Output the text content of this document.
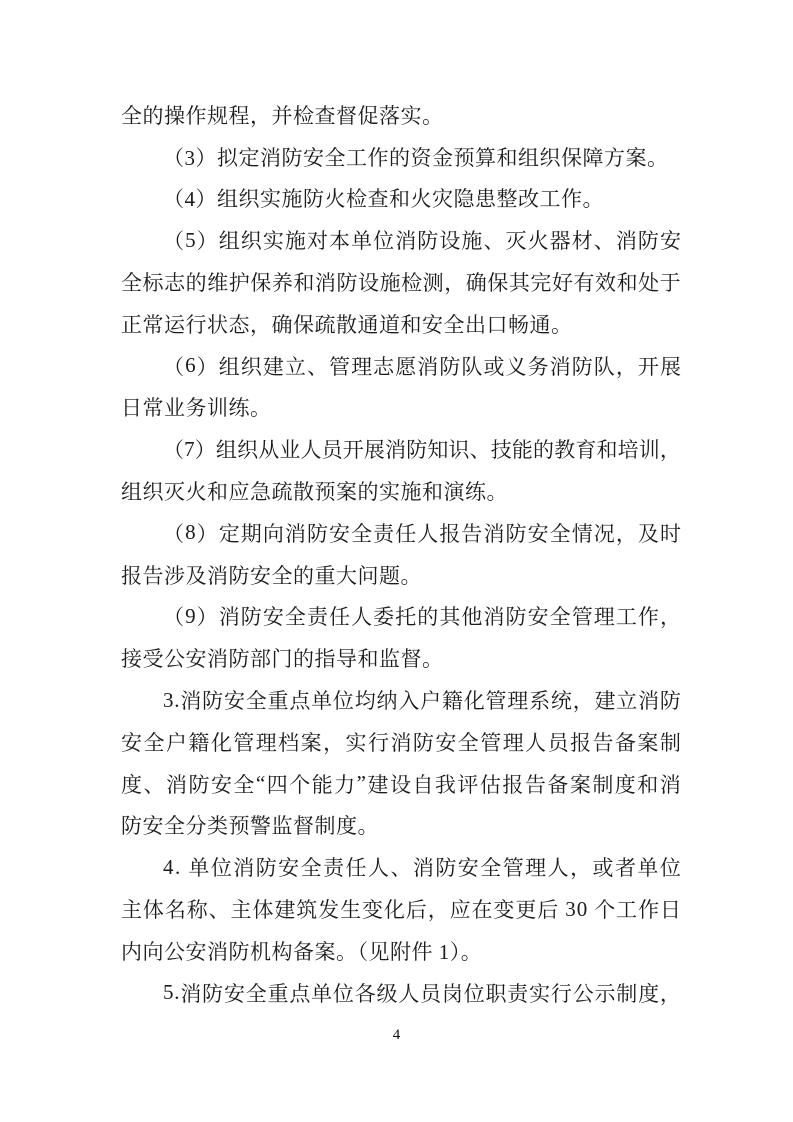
全的操作规程，并检查督促落实。
（3）拟定消防安全工作的资金预算和组织保障方案。
（4）组织实施防火检查和火灾隐患整改工作。
（ 5 ） 组 织 实 施 对 本 单 位 消 防 设 施 、 灭 火 器 材 、 消 防 安
全 标 志 的 维 护 保 养 和 消 防 设 施 检 测 ， 确 保 其 完 好 有 效 和 处 于
正常运行状态，确保疏散通道和安全出口畅通。
（ 6 ） 组 织 建 立 、 管 理 志 愿 消 防 队 或 义 务 消 防 队 ， 开 展
日常业务训练。
（ 7 ） 组 织 从 业 人 员 开 展 消 防 知 识 、 技 能 的 教 育 和 培 训 ，
组织灭火和应急疏散预案的实施和演练。
（ 8 ） 定 期 向 消 防 安 全 责 任 人 报 告 消 防 安 全 情 况 ， 及 时
报告涉及消防安全的重大问题。
（ 9 ） 消 防 安 全 责 任 人 委 托 的 其 他 消 防 安 全 管 理 工 作 ，
接受公安消防部门的指导和监督。
3 . 消 防 安 全 重 点 单 位 均 纳 入 户 籍 化 管 理 系 统 ， 建 立 消 防
安 全 户 籍 化 管 理 档 案 ， 实 行 消 防 安 全 管 理 人 员 报 告 备 案 制
度 、 消 防 安 全 “ 四 个 能 力 ” 建 设 自 我 评 估 报 告 备 案 制 度 和 消
防安全分类预警监督制度。
4 .
单 位 消 防 安 全 责 任 人 、 消 防 安 全 管 理 人 ， 或 者 单 位
主 体 名 称 、 主 体 建 筑 发 生 变 化 后 ， 应 在 变 更 后
3 0
个 工 作 日
内向公安消防机构备案。（见附件 1）。
5 . 消 防 安 全 重 点 单 位 各 级 人 员 岗 位 职 责 实 行 公 示 制 度 ，
4
